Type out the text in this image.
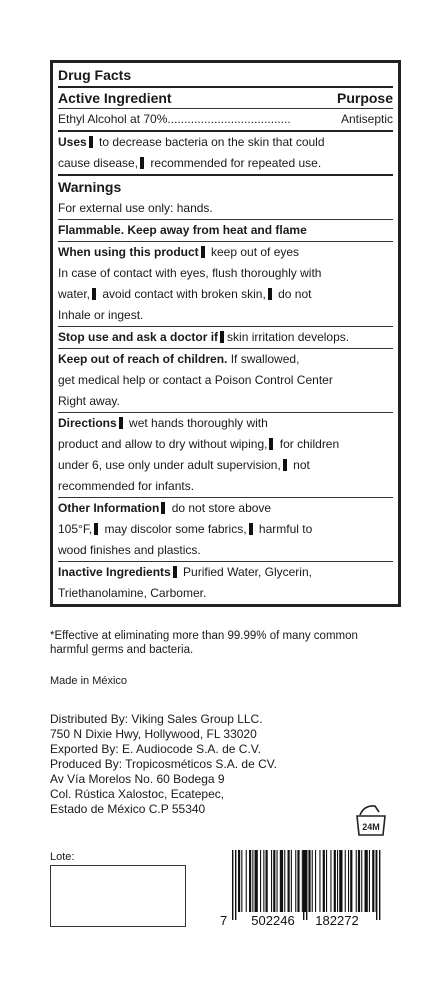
Drug Facts
Active Ingredient	Purpose
Ethyl Alcohol at 70%.....................................	Antiseptic
Uses to decrease bacteria on the skin that could
cause disease, recommended for repeated use.
Warnings
For external use only: hands.
Flammable. Keep away from heat and flame
When using this product keep out of eyes
In case of contact with eyes, flush thoroughly with
water, avoid contact with broken skin, do not
Inhale or ingest.
Stop use and ask a doctor if skin irritation develops.
Keep out of reach of children. If swallowed,
get medical help or contact a Poison Control Center
Right away.
Directions wet hands thoroughly with
product and allow to dry without wiping, for children
under 6, use only under adult supervision, not
recommended for infants.
Other Information do not store above
105°F, may discolor some fabrics, harmful to
wood finishes and plastics.
Inactive Ingredients Purified Water, Glycerin,
Triethanolamine, Carbomer.
*Effective at eliminating more than 99.99% of many common
harmful germs and bacteria.
Made in México
Distributed By: Viking Sales Group LLC.
750 N Dixie Hwy, Hollywood, FL 33020
Exported By: E. Audiocode S.A. de C.V.
Produced By: Tropicosméticos S.A. de CV.
Av Vía Morelos No. 60 Bodega 9
Col. Rústica Xalostoc, Ecatepec,
Estado de México C.P 55340
24M
Lote:
7 502246 182272
